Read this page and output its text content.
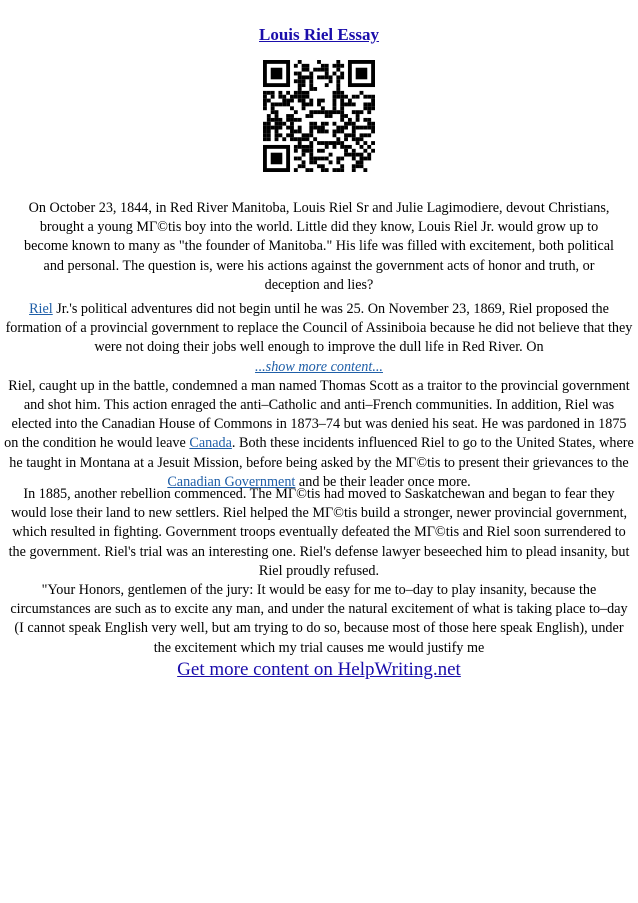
Louis Riel Essay

On October 23, 1844, in Red River Manitoba, Louis Riel Sr and Julie Lagimodiere, devout Christians, brought a young MΓ©tis boy into the world. Little did they know, Louis Riel Jr. would grow up to become known to many as "the founder of Manitoba." His life was filled with excitement, both political and personal. The question is, were his actions against the government acts of honor and truth, or deception and lies?

Riel Jr.'s political adventures did not begin until he was 25. On November 23, 1869, Riel proposed the formation of a provincial government to replace the Council of Assiniboia because he did not believe that they were not doing their jobs well enough to improve the dull life in Red River. On
...show more content...
Riel, caught up in the battle, condemned a man named Thomas Scott as a traitor to the provincial government and shot him. This action enraged the anti–Catholic and anti–French communities. In addition, Riel was elected into the Canadian House of Commons in 1873–74 but was denied his seat. He was pardoned in 1875 on the condition he would leave Canada. Both these incidents influenced Riel to go to the United States, where he taught in Montana at a Jesuit Mission, before being asked by the MΓ©tis to present their grievances to the Canadian Government and be their leader once more.

In 1885, another rebellion commenced. The MΓ©tis had moved to Saskatchewan and began to fear they would lose their land to new settlers. Riel helped the MΓ©tis build a stronger, newer provincial government, which resulted in fighting. Government troops eventually defeated the MΓ©tis and Riel soon surrendered to the government. Riel's trial was an interesting one. Riel's defense lawyer beseeched him to plead insanity, but Riel proudly refused.
"Your Honors, gentlemen of the jury: It would be easy for me to–day to play insanity, because the circumstances are such as to excite any man, and under the natural excitement of what is taking place to–day (I cannot speak English very well, but am trying to do so, because most of those here speak English), under the excitement which my trial causes me would justify me

Get more content on HelpWriting.net
